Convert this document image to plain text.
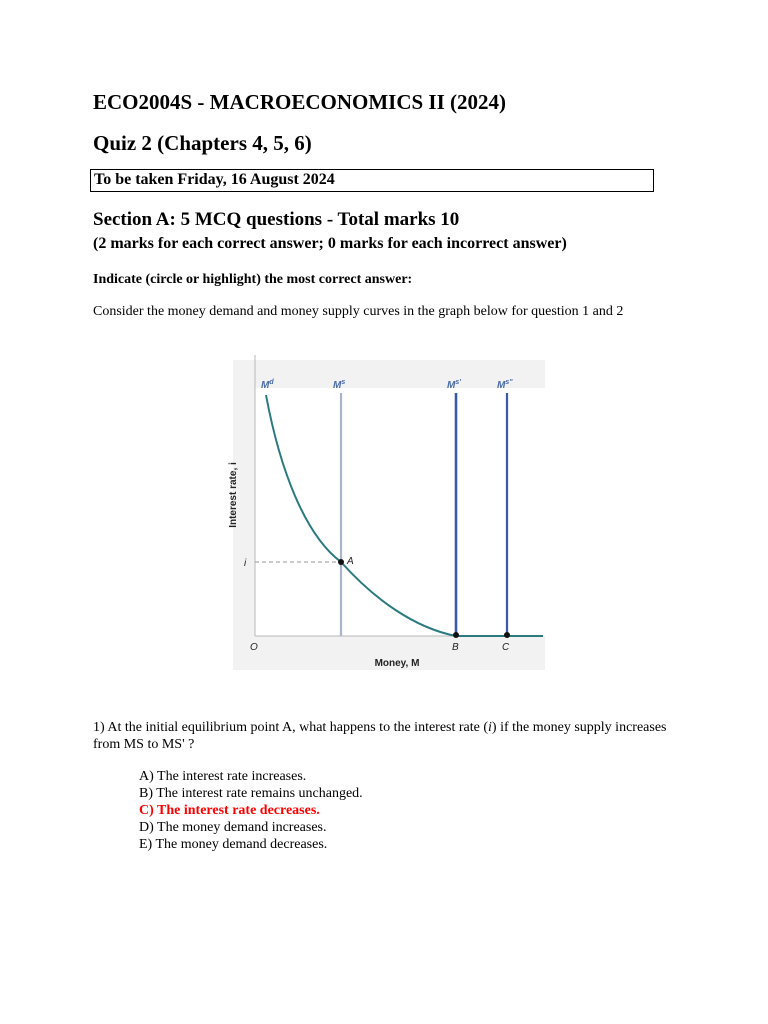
ECO2004S - MACROECONOMICS II (2024)
Quiz 2 (Chapters 4, 5, 6)
To be taken Friday, 16 August 2024
Section A: 5 MCQ questions - Total marks 10
(2 marks for each correct answer; 0 marks for each incorrect answer)
Indicate (circle or highlight) the most correct answer:
Consider the money demand and money supply curves in the graph below for question 1 and 2
$M^d$	$M^s$	$M^{s'}$	$M^{s"}$
A
i
O	B	C
Money, M
Interest rate, i
1) At the initial equilibrium point A, what happens to the interest rate (i) if the money supply increases from MS to MS' ?
A) The interest rate increases.
B) The interest rate remains unchanged.
C) The interest rate decreases.
D) The money demand increases.
E) The money demand decreases.
